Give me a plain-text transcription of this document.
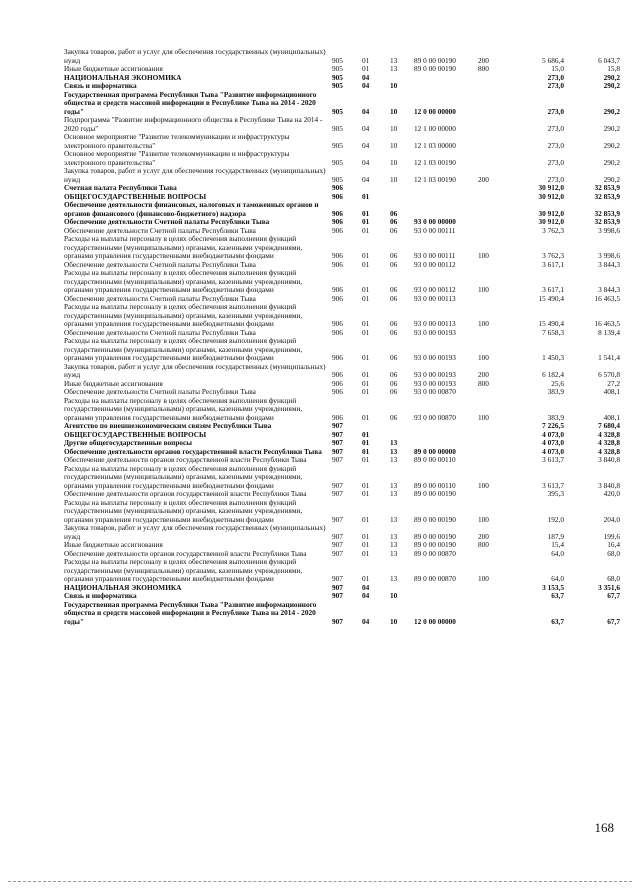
Закупка товаров, работ и услуг для обеспечения государственных (муниципальных) нужд	905	01	13	89 0 00 00190	200	5 686,4	6 043,7
Иные бюджетные ассигнования	905	01	13	89 0 00 00190	800	15,0	15,8
НАЦИОНАЛЬНАЯ ЭКОНОМИКА	905	04				273,0	290,2
Связь и информатика	905	04	10			273,0	290,2
Государственная программа Республики Тыва "Развитие информационного общества и средств массовой информации в Республике Тыва на 2014 - 2020 годы"	905	04	10	12 0 00 00000		273,0	290,2
Подпрограмма "Развитие информационного общества в Республике Тыва на 2014 - 2020 годы"	905	04	10	12 1 00 00000		273,0	290,2
Основное мероприятие "Развитие телекоммуникации и инфраструктуры электронного правительства"	905	04	10	12 1 03 00000		273,0	290,2
Основное мероприятие "Развитие телекоммуникации и инфраструктуры электронного правительства"	905	04	10	12 1 03 00190		273,0	290,2
Закупка товаров, работ и услуг для обеспечения государственных (муниципальных) нужд	905	04	10	12 1 03 00190	200	273,0	290,2
Счетная палата Республики Тыва	906					30 912,0	32 853,9
ОБЩЕГОСУДАРСТВЕННЫЕ ВОПРОСЫ	906	01				30 912,0	32 853,9
Обеспечение деятельности финансовых, налоговых и таможенных органов и органов финансового (финансово-бюджетного) надзора	906	01	06			30 912,0	32 853,9
Обеспечение деятельности Счетной палаты Республики Тыва	906	01	06	93 0 00 00000		30 912,0	32 853,9
Обеспечение деятельности Счетной палаты Республики Тыва	906	01	06	93 0 00 00111		3 762,3	3 998,6
Расходы на выплаты персоналу в целях обеспечения выполнения функций государственными (муниципальными) органами, казенными учреждениями, органами управления государственными внебюджетными фондами	906	01	06	93 0 00 00111	100	3 762,3	3 998,6
Обеспечение деятельности Счетной палаты Республики Тыва	906	01	06	93 0 00 00112		3 617,1	3 844,3
Расходы на выплаты персоналу в целях обеспечения выполнения функций государственными (муниципальными) органами, казенными учреждениями, органами управления государственными внебюджетными фондами	906	01	06	93 0 00 00112	100	3 617,1	3 844,3
Обеспечение деятельности Счетной палаты Республики Тыва	906	01	06	93 0 00 00113		15 490,4	16 463,5
Расходы на выплаты персоналу в целях обеспечения выполнения функций государственными (муниципальными) органами, казенными учреждениями, органами управления государственными внебюджетными фондами	906	01	06	93 0 00 00113	100	15 490,4	16 463,5
Обеспечение деятельности Счетной палаты Республики Тыва	906	01	06	93 0 00 00193		7 658,3	8 139,4
Расходы на выплаты персоналу в целях обеспечения выполнения функций государственными (муниципальными) органами, казенными учреждениями, органами управления государственными внебюджетными фондами	906	01	06	93 0 00 00193	100	1 450,3	1 541,4
Закупка товаров, работ и услуг для обеспечения государственных (муниципальных) нужд	906	01	06	93 0 00 00193	200	6 182,4	6 570,8
Иные бюджетные ассигнования	906	01	06	93 0 00 00193	800	25,6	27,2
Обеспечение деятельности Счетной палаты Республики Тыва	906	01	06	93 0 00 00870		383,9	408,1
Расходы на выплаты персоналу в целях обеспечения выполнения функций государственными (муниципальными) органами, казенными учреждениями, органами управления государственными внебюджетными фондами	906	01	06	93 0 00 00870	100	383,9	408,1
Агентство по внешнеэкономическим связям Республики Тыва	907					7 226,5	7 680,4
ОБЩЕГОСУДАРСТВЕННЫЕ ВОПРОСЫ	907	01				4 073,0	4 328,8
Другие общегосударственные вопросы	907	01	13			4 073,0	4 328,8
Обеспечение деятельности органов государственной власти Республики Тыва	907	01	13	89 0 00 00000		4 073,0	4 328,8
Обеспечение деятельности органов государственной власти Республики Тыва	907	01	13	89 0 00 00110		3 613,7	3 840,8
Расходы на выплаты персоналу в целях обеспечения выполнения функций государственными (муниципальными) органами, казенными учреждениями, органами управления государственными внебюджетными фондами	907	01	13	89 0 00 00110	100	3 613,7	3 840,8
Обеспечение деятельности органов государственной власти Республики Тыва	907	01	13	89 0 00 00190		395,3	420,0
Расходы на выплаты персоналу в целях обеспечения выполнения функций государственными (муниципальными) органами, казенными учреждениями, органами управления государственными внебюджетными фондами	907	01	13	89 0 00 00190	100	192,0	204,0
Закупка товаров, работ и услуг для обеспечения государственных (муниципальных) нужд	907	01	13	89 0 00 00190	200	187,9	199,6
Иные бюджетные ассигнования	907	01	13	89 0 00 00190	800	15,4	16,4
Обеспечение деятельности органов государственной власти Республики Тыва	907	01	13	89 0 00 00870		64,0	68,0
Расходы на выплаты персоналу в целях обеспечения выполнения функций государственными (муниципальными) органами, казенными учреждениями, органами управления государственными внебюджетными фондами	907	01	13	89 0 00 00870	100	64,0	68,0
НАЦИОНАЛЬНАЯ ЭКОНОМИКА	907	04				3 153,5	3 351,6
Связь и информатика	907	04	10			63,7	67,7
Государственная программа Республики Тыва "Развитие информационного общества и средств массовой информации в Республике Тыва на 2014 - 2020 годы"	907	04	10	12 0 00 00000		63,7	67,7
168
